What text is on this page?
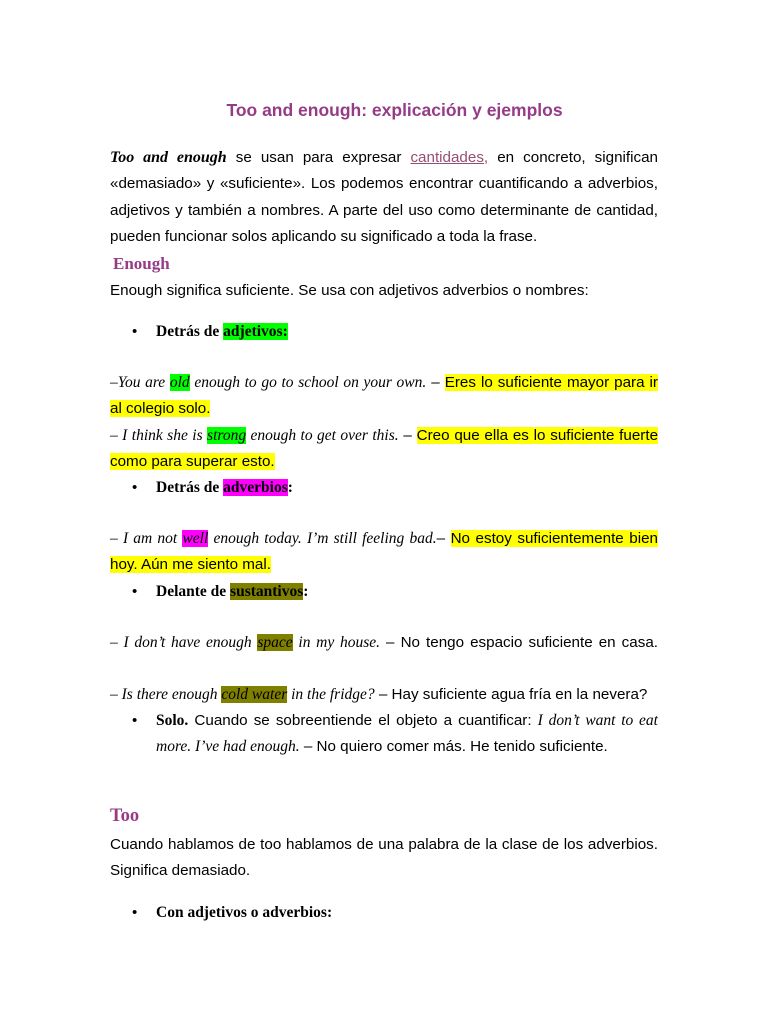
Too and enough: explicación y ejemplos

Too and enough se usan para expresar cantidades, en concreto, significan «demasiado» y «suficiente». Los podemos encontrar cuantificando a adverbios, adjetivos y también a nombres. A parte del uso como determinante de cantidad, pueden funcionar solos aplicando su significado a toda la frase.

Enough

Enough significa suficiente. Se usa con adjetivos adverbios o nombres:

• Detrás de adjetivos:
–You are old enough to go to school on your own. – Eres lo suficiente mayor para ir
al colegio solo.
– I think she is strong enough to get over this. – Creo que ella es lo suficiente fuerte
como para superar esto.
• Detrás de adverbios:
– I am not well enough today. I’m still feeling bad.– No estoy suficientemente bien
hoy. Aún me siento mal.
• Delante de sustantivos:
– I don’t have enough space in my house. – No tengo espacio suficiente en casa.
– Is there enough cold water in the fridge? – Hay suficiente agua fría en la nevera?
• Solo. Cuando se sobreentiende el objeto a cuantificar: I don’t want to eat
more. I’ve had enough. – No quiero comer más. He tenido suficiente.
Too

Cuando hablamos de too hablamos de una palabra de la clase de los adverbios. Significa demasiado.

• Con adjetivos o adverbios:
